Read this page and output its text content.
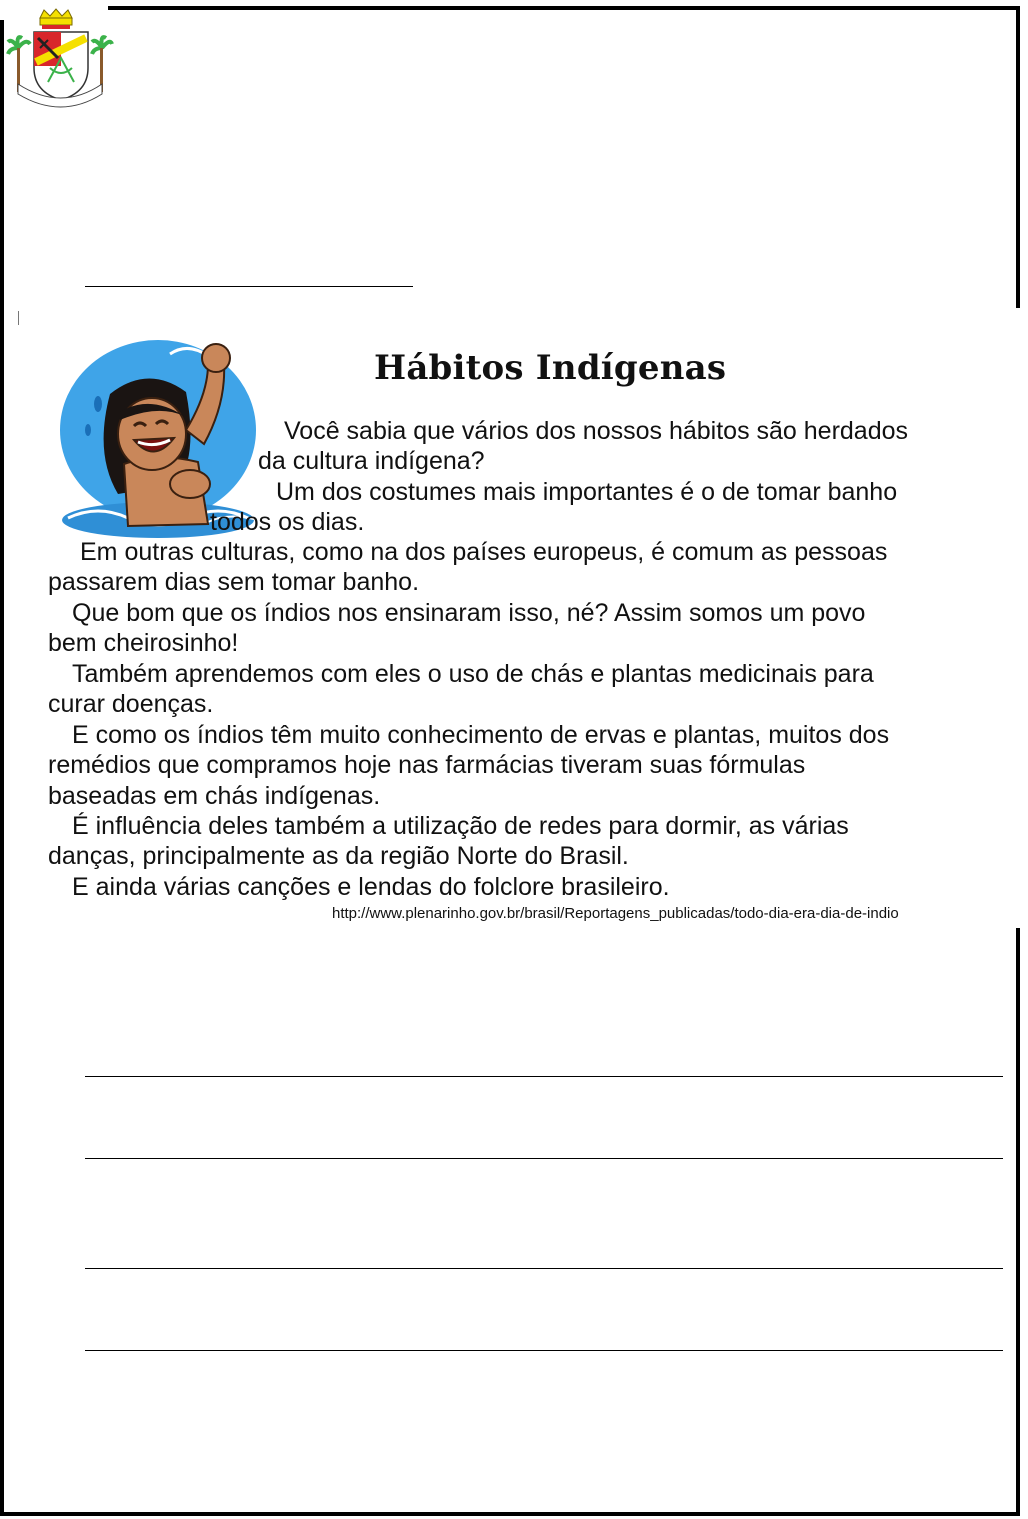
Hábitos Indígenas
Você sabia que vários dos nossos hábitos são herdados
da cultura indígena?
Um dos costumes mais importantes é o de tomar banho
todos os dias.
Em outras culturas, como na dos países europeus, é comum as pessoas
passarem dias sem tomar banho.
Que bom que os índios nos ensinaram isso, né? Assim somos um povo
bem cheirosinho!
Também aprendemos com eles o uso de chás e plantas medicinais para
curar doenças.
E como os índios têm muito conhecimento de ervas e plantas, muitos dos
remédios que compramos hoje nas farmácias tiveram suas fórmulas
baseadas em chás indígenas.
É influência deles também a utilização de redes para dormir, as várias
danças, principalmente as da região Norte do Brasil.
E ainda várias canções e lendas do folclore brasileiro.
http://www.plenarinho.gov.br/brasil/Reportagens_publicadas/todo-dia-era-dia-de-indio
